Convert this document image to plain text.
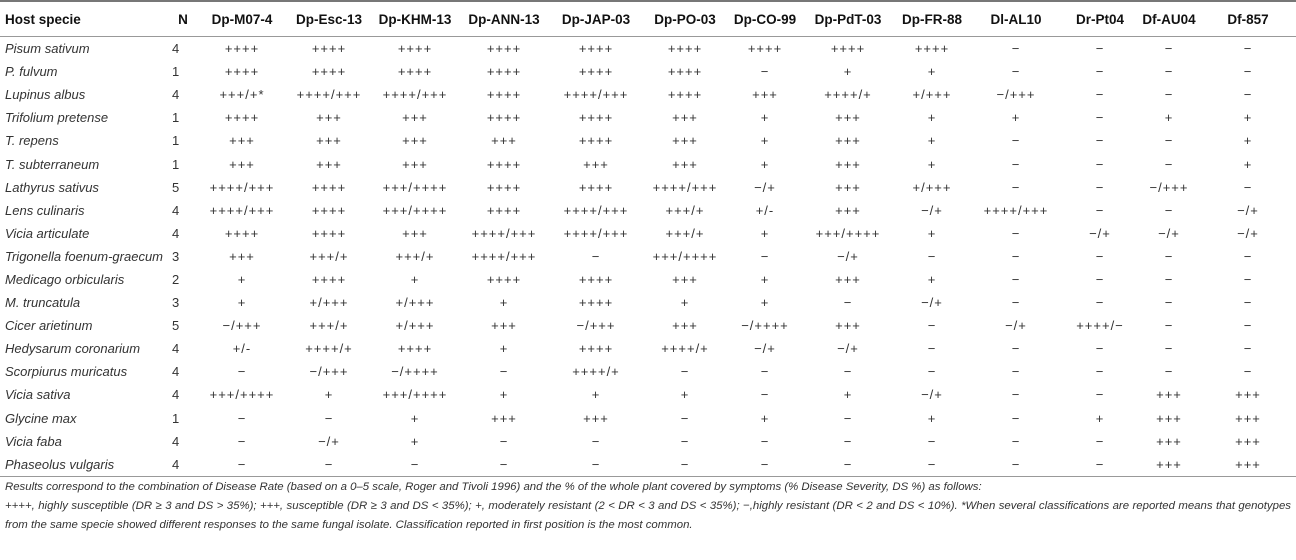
Host specie	N	Dp-M07-4	Dp-Esc-13	Dp-KHM-13	Dp-ANN-13	Dp-JAP-03	Dp-PO-03	Dp-CO-99	Dp-PdT-03	Dp-FR-88	Dl-AL10	Dr-Pt04	Df-AU04	Df-857
Pisum sativum	4	++++	++++	++++	++++	++++	++++	++++	++++	++++	−	−	−	−
P. fulvum	1	++++	++++	++++	++++	++++	++++	−	+	+	−	−	−	−
Lupinus albus	4	+++/+*	++++/+++	++++/+++	++++	++++/+++	++++	+++	++++/+	+/+++	−/+++	−	−	−
Trifolium pretense	1	++++	+++	+++	++++	++++	+++	+	+++	+	+	−	+	+
T. repens	1	+++	+++	+++	+++	++++	+++	+	+++	+	−	−	−	+
T. subterraneum	1	+++	+++	+++	++++	+++	+++	+	+++	+	−	−	−	+
Lathyrus sativus	5	++++/+++	++++	+++/++++	++++	++++	++++/+++	−/+	+++	+/+++	−	−	−/+++	−
Lens culinaris	4	++++/+++	++++	+++/++++	++++	++++/+++	+++/+	+/-	+++	−/+	++++/+++	−	−	−/+
Vicia articulate	4	++++	++++	+++	++++/+++	++++/+++	+++/+	+	+++/++++	+	−	−/+	−/+	−/+
Trigonella foenum-graecum	3	+++	+++/+	+++/+	++++/+++	−	+++/++++	−	−/+	−	−	−	−	−
Medicago orbicularis	2	+	++++	+	++++	++++	+++	+	+++	+	−	−	−	−
M. truncatula	3	+	+/+++	+/+++	+	++++	+	+	−	−/+	−	−	−	−
Cicer arietinum	5	−/+++	+++/+	+/+++	+++	−/+++	+++	−/++++	+++	−	−/+	++++/−	−	−
Hedysarum coronarium	4	+/-	++++/+	++++	+	++++	++++/+	−/+	−/+	−	−	−	−	−
Scorpiurus muricatus	4	−	−/+++	−/++++	−	++++/+	−	−	−	−	−	−	−	−
Vicia sativa	4	+++/++++	+	+++/++++	+	+	+	−	+	−/+	−	−	+++	+++
Glycine max	1	−	−	+	+++	+++	−	+	−	+	−	+	+++	+++
Vicia faba	4	−	−/+	+	−	−	−	−	−	−	−	−	+++	+++
Phaseolus vulgaris	4	−	−	−	−	−	−	−	−	−	−	−	+++	+++

Results correspond to the combination of Disease Rate (based on a 0–5 scale, Roger and Tivoli 1996) and the % of the whole plant covered by symptoms (% Disease Severity, DS %) as follows:

++++, highly susceptible (DR ≥ 3 and DS > 35%); +++, susceptible (DR ≥ 3 and DS < 35%); +, moderately resistant (2 < DR < 3 and DS < 35%); −,highly resistant (DR < 2 and DS < 10%). *When several classifications are reported means that genotypes from the same specie showed different responses to the same fungal isolate. Classification reported in first position is the most common.
